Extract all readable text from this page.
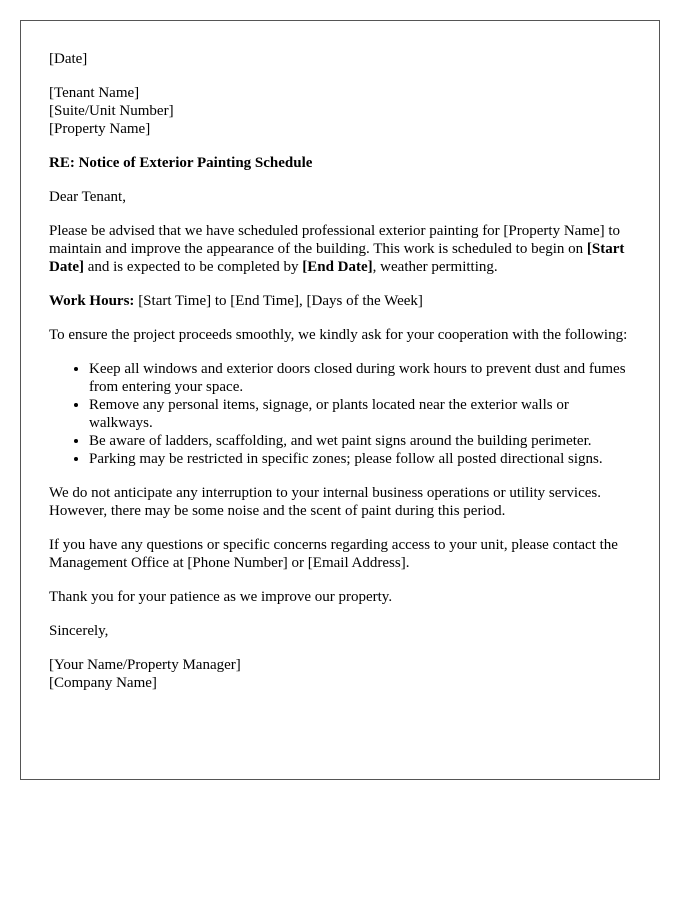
[Date]
[Tenant Name]
[Suite/Unit Number]
[Property Name]
RE: Notice of Exterior Painting Schedule

Dear Tenant,

Please be advised that we have scheduled professional exterior painting for [Property Name] to maintain and improve the appearance of the building. This work is scheduled to begin on [Start Date] and is expected to be completed by [End Date], weather permitting.

Work Hours: [Start Time] to [End Time], [Days of the Week]

To ensure the project proceeds smoothly, we kindly ask for your cooperation with the following:

• Keep all windows and exterior doors closed during work hours to prevent dust and fumes from entering your space.
• Remove any personal items, signage, or plants located near the exterior walls or walkways.
• Be aware of ladders, scaffolding, and wet paint signs around the building perimeter.
• Parking may be restricted in specific zones; please follow all posted directional signs.

We do not anticipate any interruption to your internal business operations or utility services. However, there may be some noise and the scent of paint during this period.

If you have any questions or specific concerns regarding access to your unit, please contact the Management Office at [Phone Number] or [Email Address].

Thank you for your patience as we improve our property.

Sincerely,

[Your Name/Property Manager]
[Company Name]
